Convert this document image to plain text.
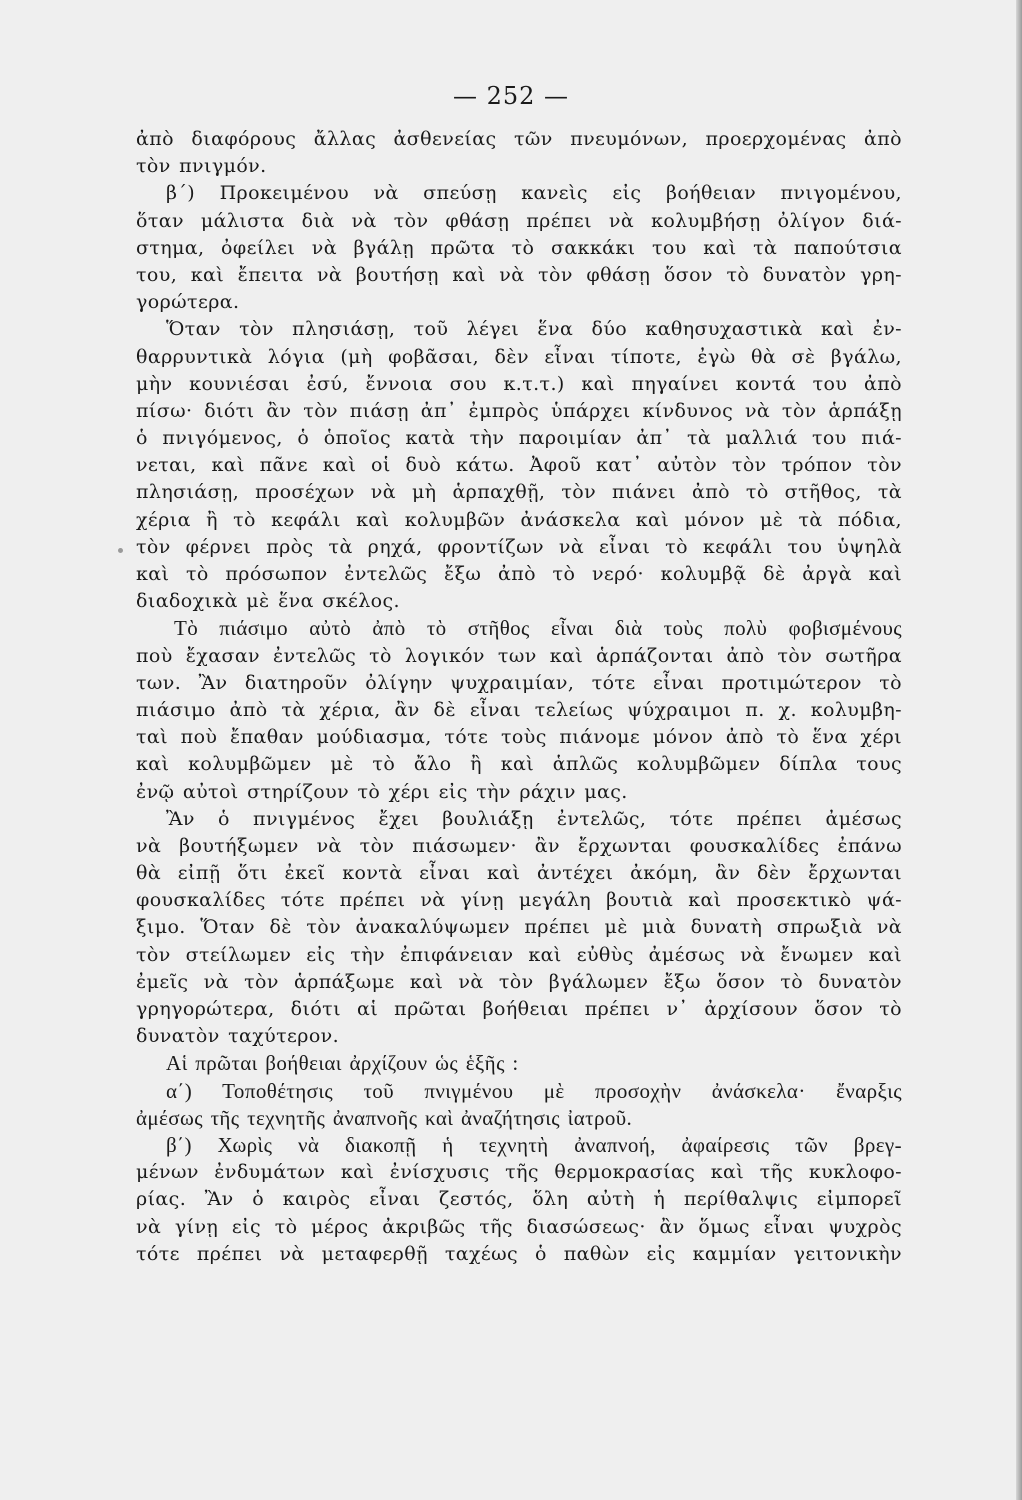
— 252 —
ἀπὸ διαφόρους ἄλλας ἀσθενείας τῶν πνευμόνων, προερχομένας ἀπὸ
τὸν πνιγμόν.
β΄) Προκειμένου νὰ σπεύσῃ κανεὶς εἰς βοήθειαν πνιγομένου,
ὅταν μάλιστα διὰ νὰ τὸν φθάσῃ πρέπει νὰ κολυμβήσῃ ὀλίγον διά-
στημα, ὀφείλει νὰ βγάλῃ πρῶτα τὸ σακκάκι του καὶ τὰ παπούτσια
του, καὶ ἔπειτα νὰ βουτήσῃ καὶ νὰ τὸν φθάσῃ ὅσον τὸ δυνατὸν γρη-
γορώτερα.
Ὅταν τὸν πλησιάσῃ, τοῦ λέγει ἕνα δύο καθησυχαστικὰ καὶ ἐν-
θαρρυντικὰ λόγια (μὴ φοβᾶσαι, δὲν εἶναι τίποτε, ἐγὼ θὰ σὲ βγάλω,
μὴν κουνιέσαι ἐσύ, ἔννοια σου κ.τ.τ.) καὶ πηγαίνει κοντά του ἀπὸ
πίσω· διότι ἂν τὸν πιάσῃ ἀπ᾽ ἐμπρὸς ὑπάρχει κίνδυνος νὰ τὸν ἁρπάξῃ
ὁ πνιγόμενος, ὁ ὁποῖος κατὰ τὴν παροιμίαν ἀπ᾽ τὰ μαλλιά του πιά-
νεται, καὶ πᾶνε καὶ οἱ δυὸ κάτω. Ἀφοῦ κατ᾽ αὐτὸν τὸν τρόπον τὸν
πλησιάσῃ, προσέχων νὰ μὴ ἁρπαχθῇ, τὸν πιάνει ἀπὸ τὸ στῆθος, τὰ
χέρια ἢ τὸ κεφάλι καὶ κολυμβῶν ἀνάσκελα καὶ μόνον μὲ τὰ πόδια,
τὸν φέρνει πρὸς τὰ ρηχά, φροντίζων νὰ εἶναι τὸ κεφάλι του ὑψηλὰ
καὶ τὸ πρόσωπον ἐντελῶς ἔξω ἀπὸ τὸ νερό· κολυμβᾷ δὲ ἀργὰ καὶ
διαδοχικὰ μὲ ἕνα σκέλος.
Τὸ πιάσιμο αὐτὸ ἀπὸ τὸ στῆθος εἶναι διὰ τοὺς πολὺ φοβισμένους
ποὺ ἔχασαν ἐντελῶς τὸ λογικόν των καὶ ἁρπάζονται ἀπὸ τὸν σωτῆρα
των. Ἂν διατηροῦν ὀλίγην ψυχραιμίαν, τότε εἶναι προτιμώτερον τὸ
πιάσιμο ἀπὸ τὰ χέρια, ἂν δὲ εἶναι τελείως ψύχραιμοι π. χ. κολυμβη-
ταὶ ποὺ ἔπαθαν μούδιασμα, τότε τοὺς πιάνομε μόνον ἀπὸ τὸ ἕνα χέρι
καὶ κολυμβῶμεν μὲ τὸ ἄλο ἢ καὶ ἁπλῶς κολυμβῶμεν δίπλα τους
ἐνῷ αὐτοὶ στηρίζουν τὸ χέρι εἰς τὴν ράχιν μας.
Ἂν ὁ πνιγμένος ἔχει βουλιάξῃ ἐντελῶς, τότε πρέπει ἀμέσως
νὰ βουτήξωμεν νὰ τὸν πιάσωμεν· ἂν ἔρχωνται φουσκαλίδες ἐπάνω
θὰ εἰπῇ ὅτι ἐκεῖ κοντὰ εἶναι καὶ ἀντέχει ἀκόμη, ἂν δὲν ἔρχωνται
φουσκαλίδες τότε πρέπει νὰ γίνῃ μεγάλη βουτιὰ καὶ προσεκτικὸ ψά-
ξιμο. Ὅταν δὲ τὸν ἀνακαλύψωμεν πρέπει μὲ μιὰ δυνατὴ σπρωξιὰ νὰ
τὸν στείλωμεν εἰς τὴν ἐπιφάνειαν καὶ εὐθὺς ἀμέσως νὰ ἔνωμεν καὶ
ἐμεῖς νὰ τὸν ἁρπάξωμε καὶ νὰ τὸν βγάλωμεν ἔξω ὅσον τὸ δυνατὸν
γρηγορώτερα, διότι αἱ πρῶται βοήθειαι πρέπει ν᾽ ἀρχίσουν ὅσον τὸ
δυνατὸν ταχύτερον.
Αἱ πρῶται βοήθειαι ἀρχίζουν ὡς ἑξῆς :
α΄) Τοποθέτησις τοῦ πνιγμένου μὲ προσοχὴν ἀνάσκελα· ἔναρξις
ἀμέσως τῆς τεχνητῆς ἀναπνοῆς καὶ ἀναζήτησις ἰατροῦ.
β΄) Χωρὶς νὰ διακοπῇ ἡ τεχνητὴ ἀναπνοή, ἀφαίρεσις τῶν βρεγ-
μένων ἐνδυμάτων καὶ ἐνίσχυσις τῆς θερμοκρασίας καὶ τῆς κυκλοφο-
ρίας. Ἂν ὁ καιρὸς εἶναι ζεστός, ὅλη αὐτὴ ἡ περίθαλψις εἰμπορεῖ
νὰ γίνῃ εἰς τὸ μέρος ἀκριβῶς τῆς διασώσεως· ἂν ὅμως εἶναι ψυχρὸς
τότε πρέπει νὰ μεταφερθῇ ταχέως ὁ παθὼν εἰς καμμίαν γειτονικὴν
